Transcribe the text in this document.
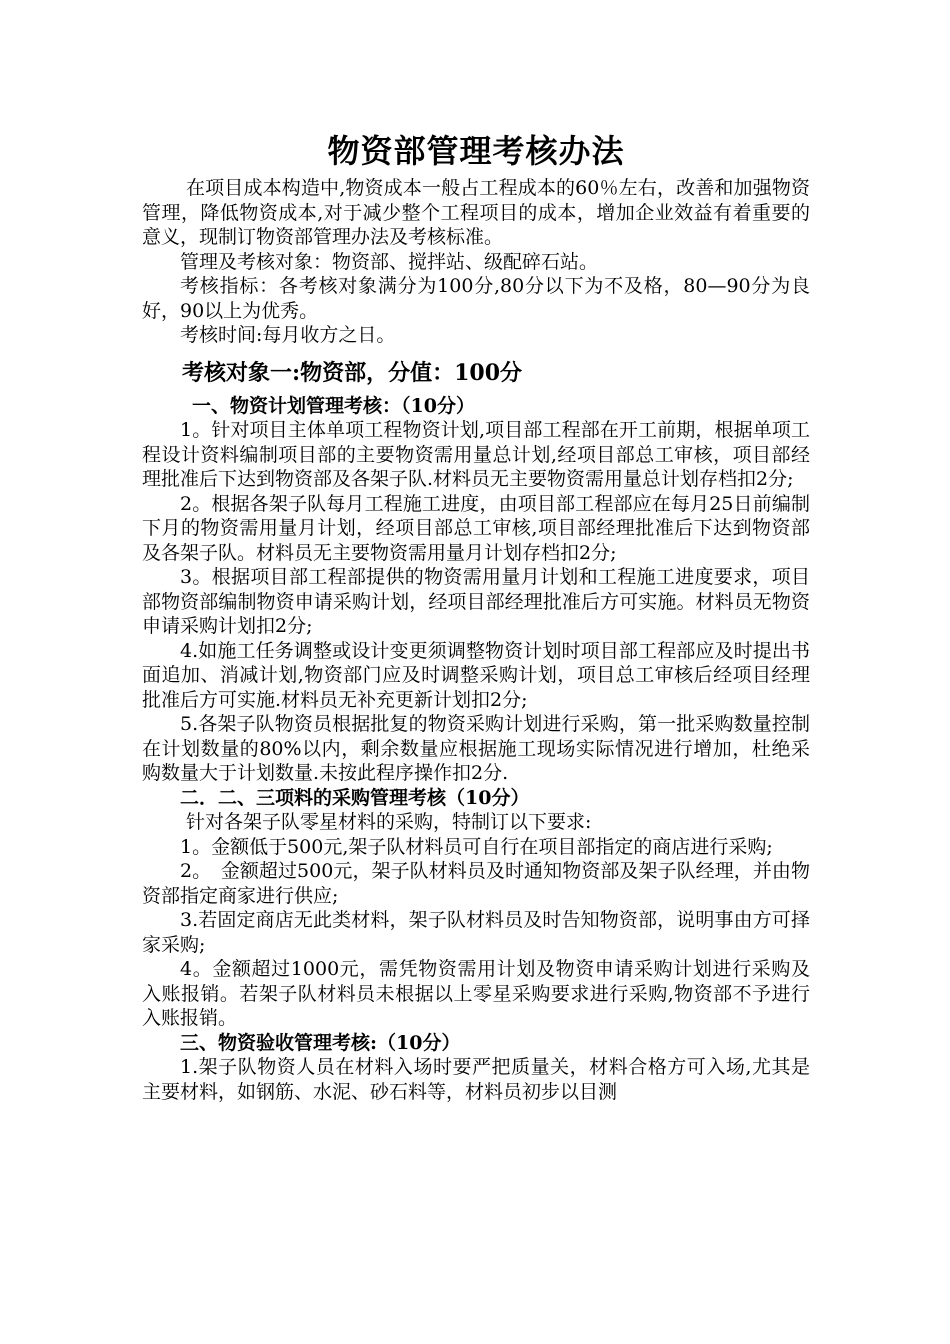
物资部管理考核办法

在项目成本构造中,物资成本一般占工程成本的60％左右，改善和加强物资管理，降低物资成本,对于减少整个工程项目的成本，增加企业效益有着重要的意义，现制订物资部管理办法及考核标准。

管理及考核对象：物资部、搅拌站、级配碎石站。

考核指标：各考核对象满分为100分,80分以下为不及格，80—90分为良好，90以上为优秀。

考核时间:每月收方之日。

考核对象一:物资部，分值：100分

一、物资计划管理考核：（10分）

1。针对项目主体单项工程物资计划,项目部工程部在开工前期，根据单项工程设计资料编制项目部的主要物资需用量总计划,经项目部总工审核，项目部经理批准后下达到物资部及各架子队.材料员无主要物资需用量总计划存档扣2分;

2。根据各架子队每月工程施工进度，由项目部工程部应在每月25日前编制下月的物资需用量月计划，经项目部总工审核,项目部经理批准后下达到物资部及各架子队。材料员无主要物资需用量月计划存档扣2分;

3。根据项目部工程部提供的物资需用量月计划和工程施工进度要求，项目部物资部编制物资申请采购计划，经项目部经理批准后方可实施。材料员无物资申请采购计划扣2分;

4.如施工任务调整或设计变更须调整物资计划时项目部工程部应及时提出书面追加、消减计划,物资部门应及时调整采购计划，项目总工审核后经项目经理批准后方可实施.材料员无补充更新计划扣2分;

5.各架子队物资员根据批复的物资采购计划进行采购，第一批采购数量控制在计划数量的80%以内，剩余数量应根据施工现场实际情况进行增加，杜绝采购数量大于计划数量.未按此程序操作扣2分.

二．二、三项料的采购管理考核（10分）

针对各架子队零星材料的采购，特制订以下要求:

1。金额低于500元,架子队材料员可自行在项目部指定的商店进行采购;

2。　金额超过500元，架子队材料员及时通知物资部及架子队经理，并由物资部指定商家进行供应;

3.若固定商店无此类材料，架子队材料员及时告知物资部，说明事由方可择家采购;

4。金额超过1000元，需凭物资需用计划及物资申请采购计划进行采购及入账报销。若架子队材料员未根据以上零星采购要求进行采购,物资部不予进行入账报销。

三、物资验收管理考核:（10分）

1.架子队物资人员在材料入场时要严把质量关，材料合格方可入场,尤其是主要材料，如钢筋、水泥、砂石料等，材料员初步以目测
